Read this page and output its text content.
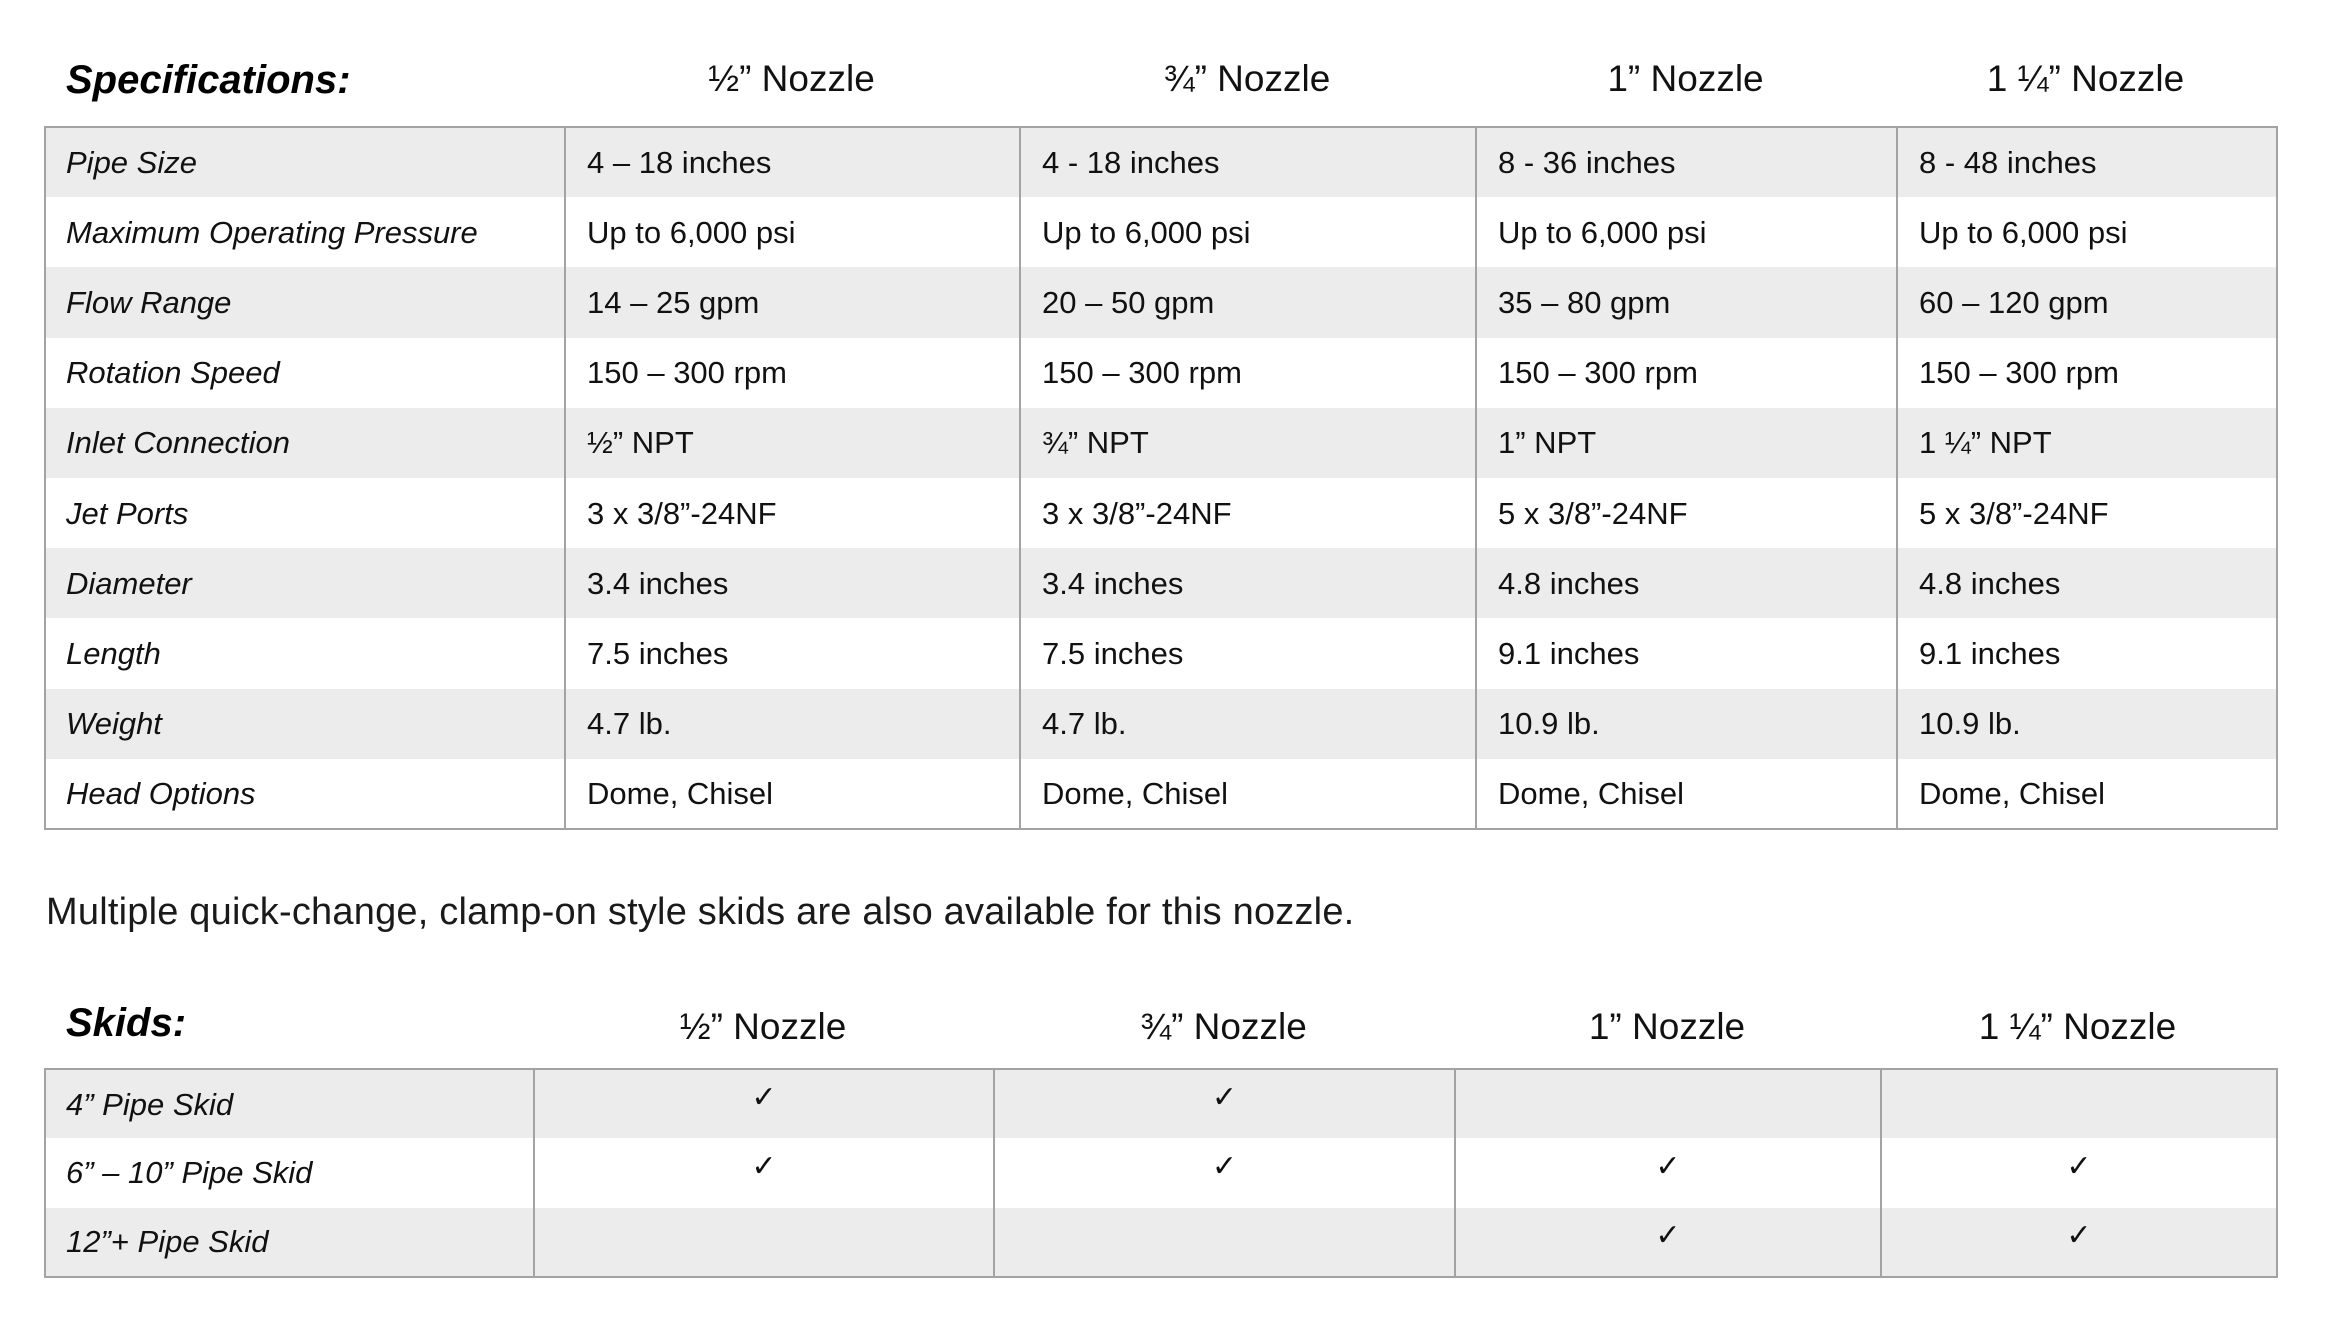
Specifications:	½” Nozzle	¾” Nozzle	1” Nozzle	1 ¼” Nozzle
Pipe Size	4 – 18 inches	4 - 18 inches	8 - 36 inches	8 - 48 inches
Maximum Operating Pressure	Up to 6,000 psi	Up to 6,000 psi	Up to 6,000 psi	Up to 6,000 psi
Flow Range	14 – 25 gpm	20 – 50 gpm	35 – 80 gpm	60 – 120 gpm
Rotation Speed	150 – 300 rpm	150 – 300 rpm	150 – 300 rpm	150 – 300 rpm
Inlet Connection	½” NPT	¾” NPT	1” NPT	1 ¼” NPT
Jet Ports	3 x 3/8”-24NF	3 x 3/8”-24NF	5 x 3/8”-24NF	5 x 3/8”-24NF
Diameter	3.4 inches	3.4 inches	4.8 inches	4.8 inches
Length	7.5 inches	7.5 inches	9.1 inches	9.1 inches
Weight	4.7 lb.	4.7 lb.	10.9 lb.	10.9 lb.
Head Options	Dome, Chisel	Dome, Chisel	Dome, Chisel	Dome, Chisel
Multiple quick-change, clamp-on style skids are also available for this nozzle.
Skids:	½” Nozzle	¾” Nozzle	1” Nozzle	1 ¼” Nozzle
4” Pipe Skid	✓	✓		
6” – 10” Pipe Skid	✓	✓	✓	✓
12”+ Pipe Skid			✓	✓
